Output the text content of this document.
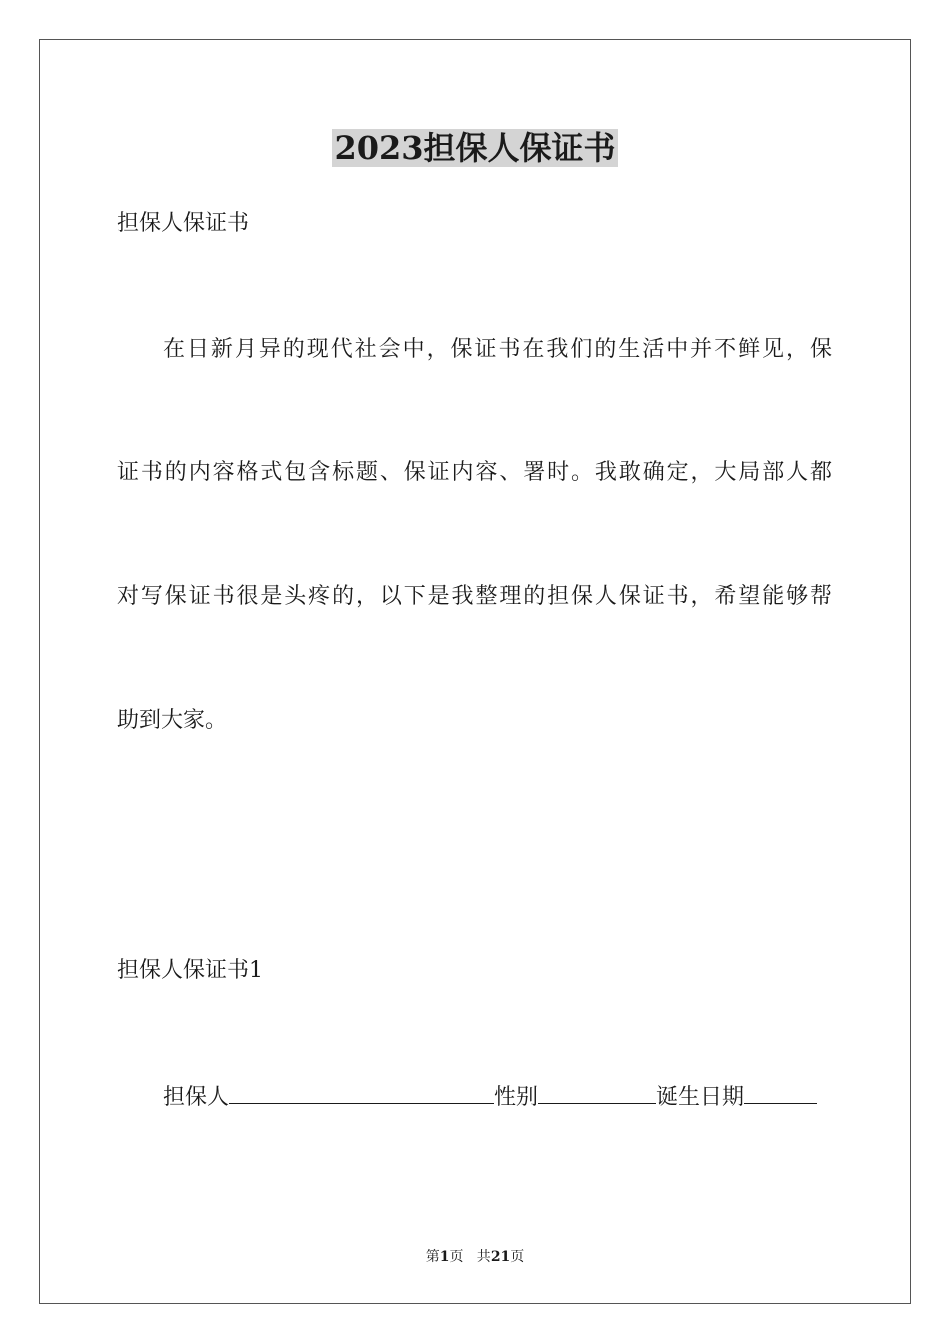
2023担保人保证书
担保人保证书
在日新月异的现代社会中，保证书在我们的生活中并不鲜见，保
证书的内容格式包含标题、保证内容、署时。我敢确定，大局部人都
对写保证书很是头疼的，以下是我整理的担保人保证书，希望能够帮
助到大家。
担保人保证书1
担保人	性别	诞生日期
第1页   共21页
